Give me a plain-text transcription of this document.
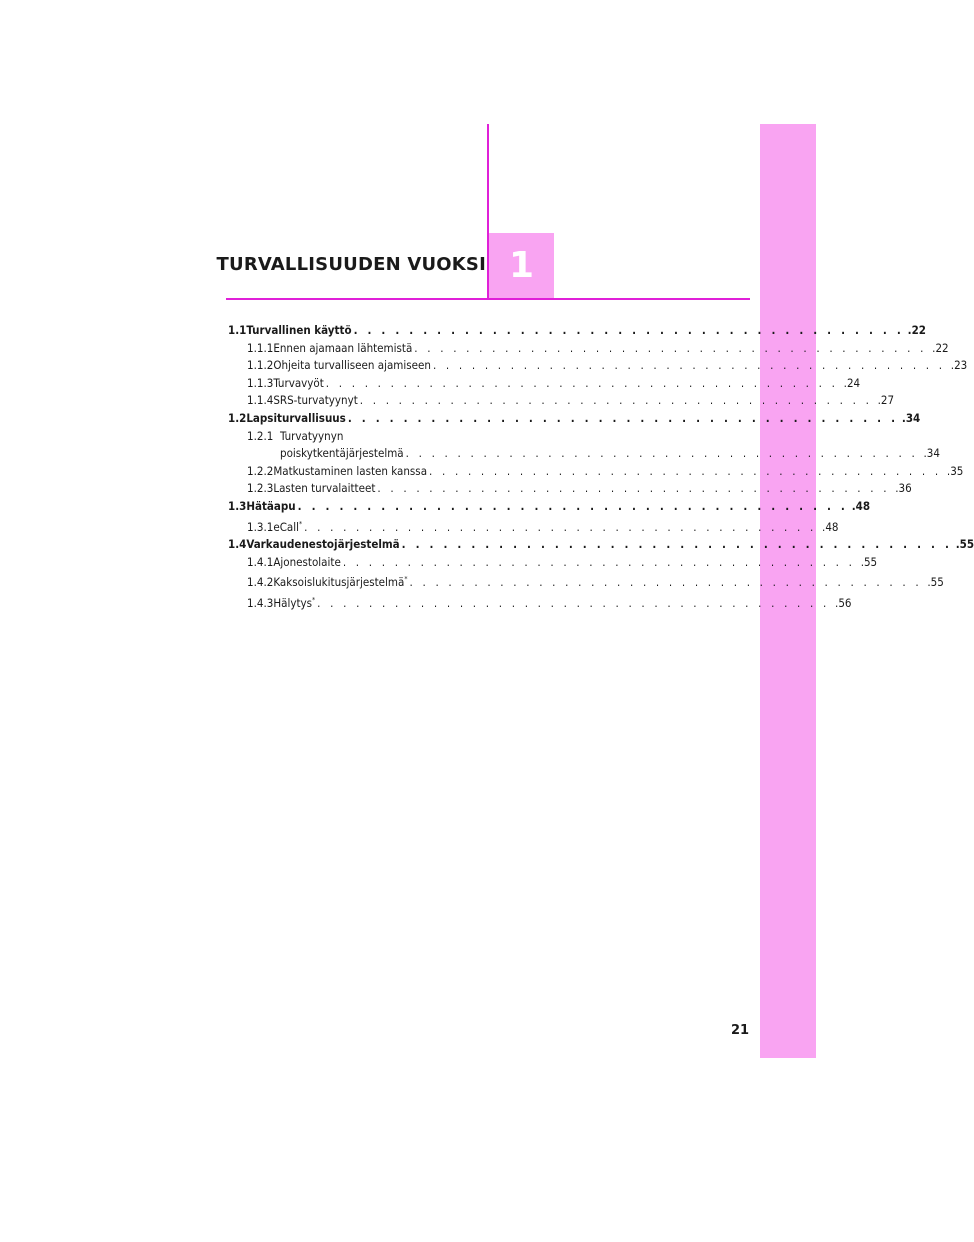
TURVALLISUUDEN VUOKSI 1
1.1 Turvallinen käyttö . . . . . . . . . . . . . . . . . . . . . . . . . . . . . . . . . . . . . . . . .22
1.1.1 Ennen ajamaan lähtemistä . . . . . . . . . . . . . . . . . . . . . . . . . . . . . . . . . . . . . . . . .22
1.1.2 Ohjeita turvalliseen ajamiseen . . . . . . . . . . . . . . . . . . . . . . . . . . . . . . . . . . . . . . . . .23
1.1.3 Turvavyöt . . . . . . . . . . . . . . . . . . . . . . . . . . . . . . . . . . . . . . . . .24
1.1.4 SRS-turvatyynyt . . . . . . . . . . . . . . . . . . . . . . . . . . . . . . . . . . . . . . . . .27
1.2 Lapsiturvallisuus . . . . . . . . . . . . . . . . . . . . . . . . . . . . . . . . . . . . . . . . .34
1.2.1 Turvatyynyn
poiskytkentäjärjestelmä . . . . . . . . . . . . . . . . . . . . . . . . . . . . . . . . . . . . . . . . .34
1.2.2 Matkustaminen lasten kanssa . . . . . . . . . . . . . . . . . . . . . . . . . . . . . . . . . . . . . . . . .35
1.2.3 Lasten turvalaitteet . . . . . . . . . . . . . . . . . . . . . . . . . . . . . . . . . . . . . . . . .36
1.3 Hätäapu . . . . . . . . . . . . . . . . . . . . . . . . . . . . . . . . . . . . . . . . .48
1.3.1 eCall* . . . . . . . . . . . . . . . . . . . . . . . . . . . . . . . . . . . . . . . . .48
1.4 Varkaudenestojärjestelmä . . . . . . . . . . . . . . . . . . . . . . . . . . . . . . . . . . . . . . . . .55
1.4.1 Ajonestolaite . . . . . . . . . . . . . . . . . . . . . . . . . . . . . . . . . . . . . . . . .55
1.4.2 Kaksoislukitusjärjestelmä* . . . . . . . . . . . . . . . . . . . . . . . . . . . . . . . . . . . . . . . . .55
1.4.3 Hälytys* . . . . . . . . . . . . . . . . . . . . . . . . . . . . . . . . . . . . . . . . .56
21
